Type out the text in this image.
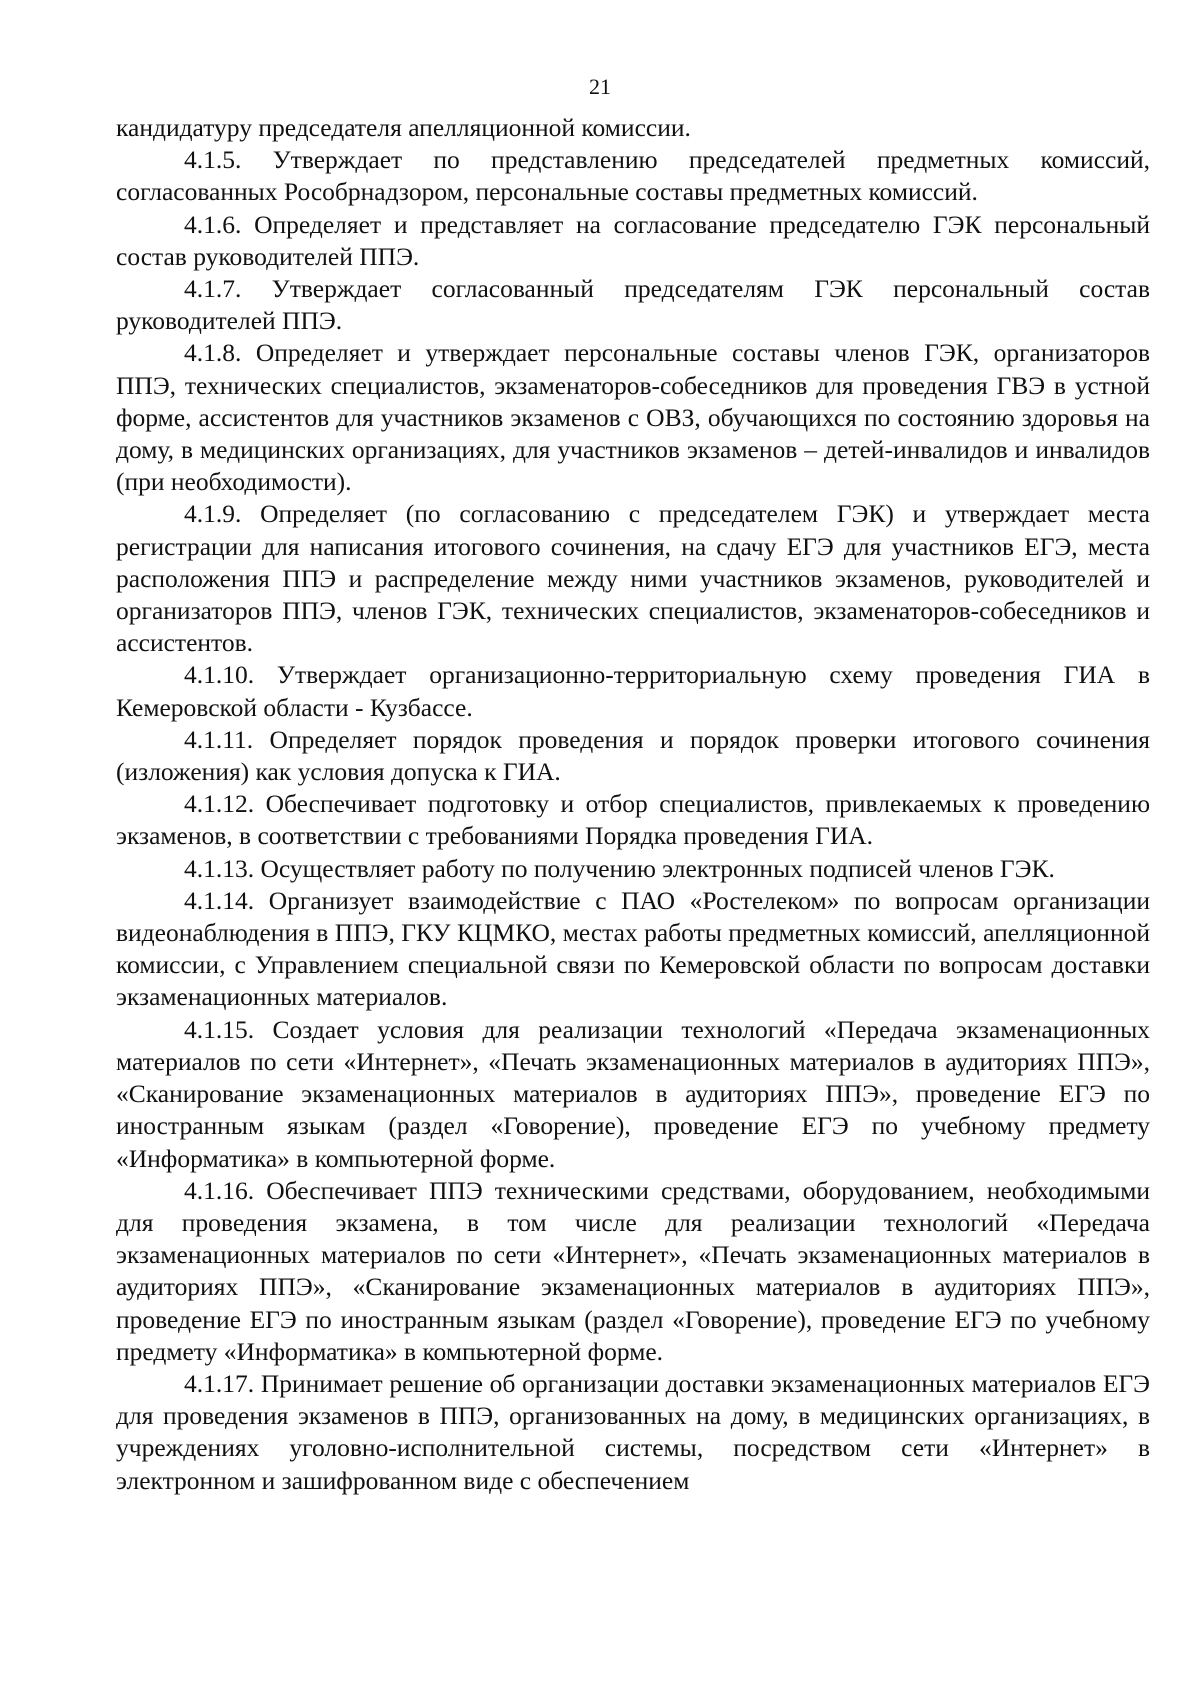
21

кандидатуру председателя апелляционной комиссии.

4.1.5. Утверждает по представлению председателей предметных комиссий, согласованных Рособрнадзором, персональные составы предметных комиссий.

4.1.6. Определяет и представляет на согласование председателю ГЭК персональный состав руководителей ППЭ.

4.1.7. Утверждает согласованный председателям ГЭК персональный состав руководителей ППЭ.

4.1.8. Определяет и утверждает персональные составы членов ГЭК, организаторов ППЭ, технических специалистов, экзаменаторов-собеседников для проведения ГВЭ в устной форме, ассистентов для участников экзаменов с ОВЗ, обучающихся по состоянию здоровья на дому, в медицинских организациях, для участников экзаменов – детей-инвалидов и инвалидов (при необходимости).

4.1.9. Определяет (по согласованию с председателем ГЭК) и утверждает места регистрации для написания итогового сочинения, на сдачу ЕГЭ для участников ЕГЭ, места расположения ППЭ и распределение между ними участников экзаменов, руководителей и организаторов ППЭ, членов ГЭК, технических специалистов, экзаменаторов-собеседников и ассистентов.

4.1.10. Утверждает организационно-территориальную схему проведения ГИА в Кемеровской области - Кузбассе.

4.1.11. Определяет порядок проведения и порядок проверки итогового сочинения (изложения) как условия допуска к ГИА.

4.1.12. Обеспечивает подготовку и отбор специалистов, привлекаемых к проведению экзаменов, в соответствии с требованиями Порядка проведения ГИА.

4.1.13. Осуществляет работу по получению электронных подписей членов ГЭК.

4.1.14. Организует взаимодействие с ПАО «Ростелеком» по вопросам организации видеонаблюдения в ППЭ, ГКУ КЦМКО, местах работы предметных комиссий, апелляционной комиссии, с Управлением специальной связи по Кемеровской области по вопросам доставки экзаменационных материалов.

4.1.15. Создает условия для реализации технологий «Передача экзаменационных материалов по сети «Интернет», «Печать экзаменационных материалов в аудиториях ППЭ», «Сканирование экзаменационных материалов в аудиториях ППЭ», проведение ЕГЭ по иностранным языкам (раздел «Говорение), проведение ЕГЭ по учебному предмету «Информатика» в компьютерной форме.

4.1.16. Обеспечивает ППЭ техническими средствами, оборудованием, необходимыми для проведения экзамена, в том числе для реализации технологий «Передача экзаменационных материалов по сети «Интернет», «Печать экзаменационных материалов в аудиториях ППЭ», «Сканирование экзаменационных материалов в аудиториях ППЭ», проведение ЕГЭ по иностранным языкам (раздел «Говорение), проведение ЕГЭ по учебному предмету «Информатика» в компьютерной форме.

4.1.17. Принимает решение об организации доставки экзаменационных материалов ЕГЭ для проведения экзаменов в ППЭ, организованных на дому, в медицинских организациях, в учреждениях уголовно-исполнительной системы, посредством сети «Интернет» в электронном и зашифрованном виде с обеспечением
